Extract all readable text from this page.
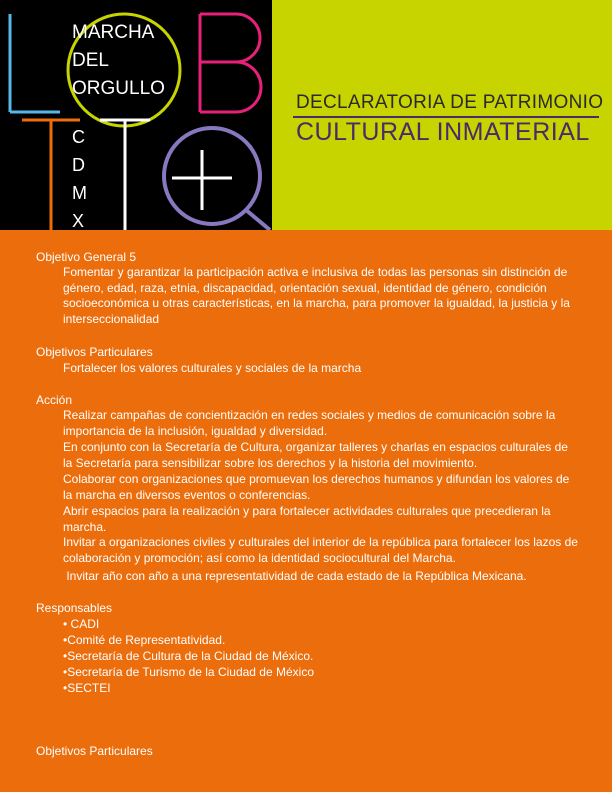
MARCHA
DEL
ORGULLO
C
D
M
X
DECLARATORIA DE PATRIMONIO
CULTURAL INMATERIAL
Objetivo General 5
Fomentar y garantizar la participación activa e inclusiva de todas las personas sin distinción de género, edad, raza, etnia, discapacidad, orientación sexual, identidad de género, condición socioeconómica u otras características, en la marcha, para promover la igualdad, la justicia y la interseccionalidad
Objetivos Particulares
Fortalecer los valores culturales y sociales de la marcha
Acción
Realizar campañas de concientización en redes sociales y medios de comunicación sobre la importancia de la inclusión, igualdad y diversidad.
En conjunto con la Secretaría de Cultura, organizar talleres y charlas en espacios culturales de la Secretaría para sensibilizar sobre los derechos y la historia del movimiento.
Colaborar con organizaciones que promuevan los derechos humanos y difundan los valores de la marcha en diversos eventos o conferencias.
Abrir espacios para la realización y para fortalecer actividades culturales que precedieran la marcha.
Invitar a organizaciones civiles y culturales del interior de la república para fortalecer los lazos de colaboración y promoción; así como la identidad sociocultural del Marcha.
Invitar año con año a una representatividad de cada estado de la República Mexicana.
Responsables
• CADI
•Comité de Representatividad.
•Secretaría de Cultura de la Ciudad de México.
•Secretaría de Turismo de la Ciudad de México
•SECTEI
Objetivos Particulares
